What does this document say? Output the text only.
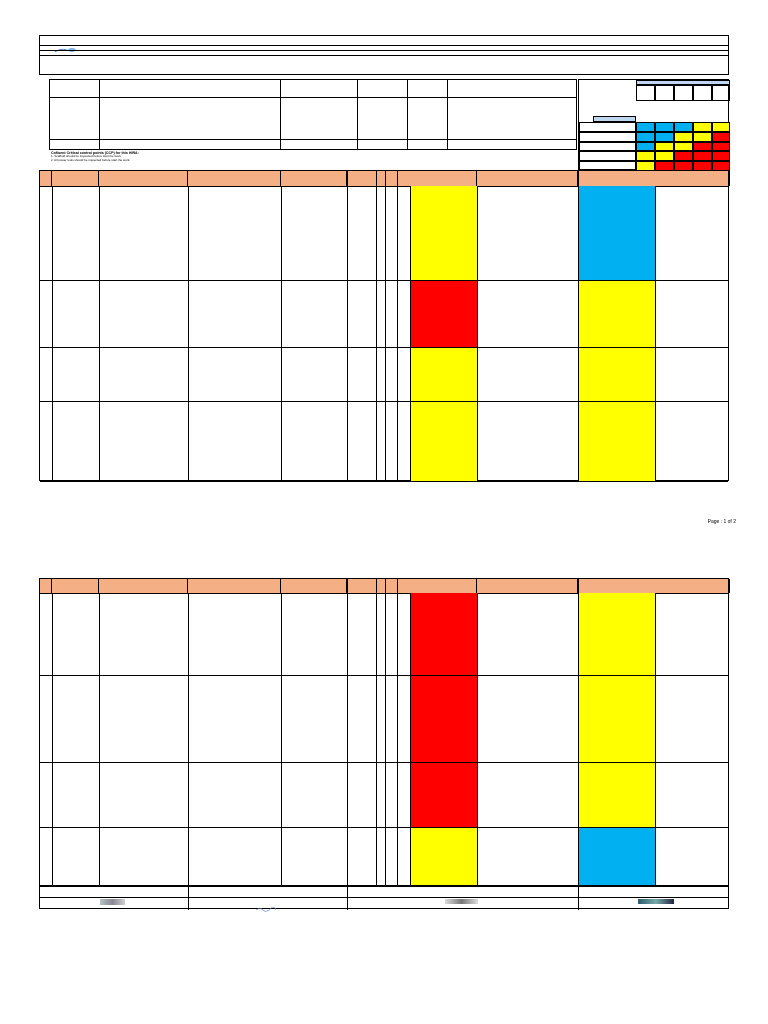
Cofluent Critical control points (CCP) for this HIRA:
1. Scaffold should be inspected before start the work.
2. All power tools should be inspected before start the work.
Page : 1 of 2
